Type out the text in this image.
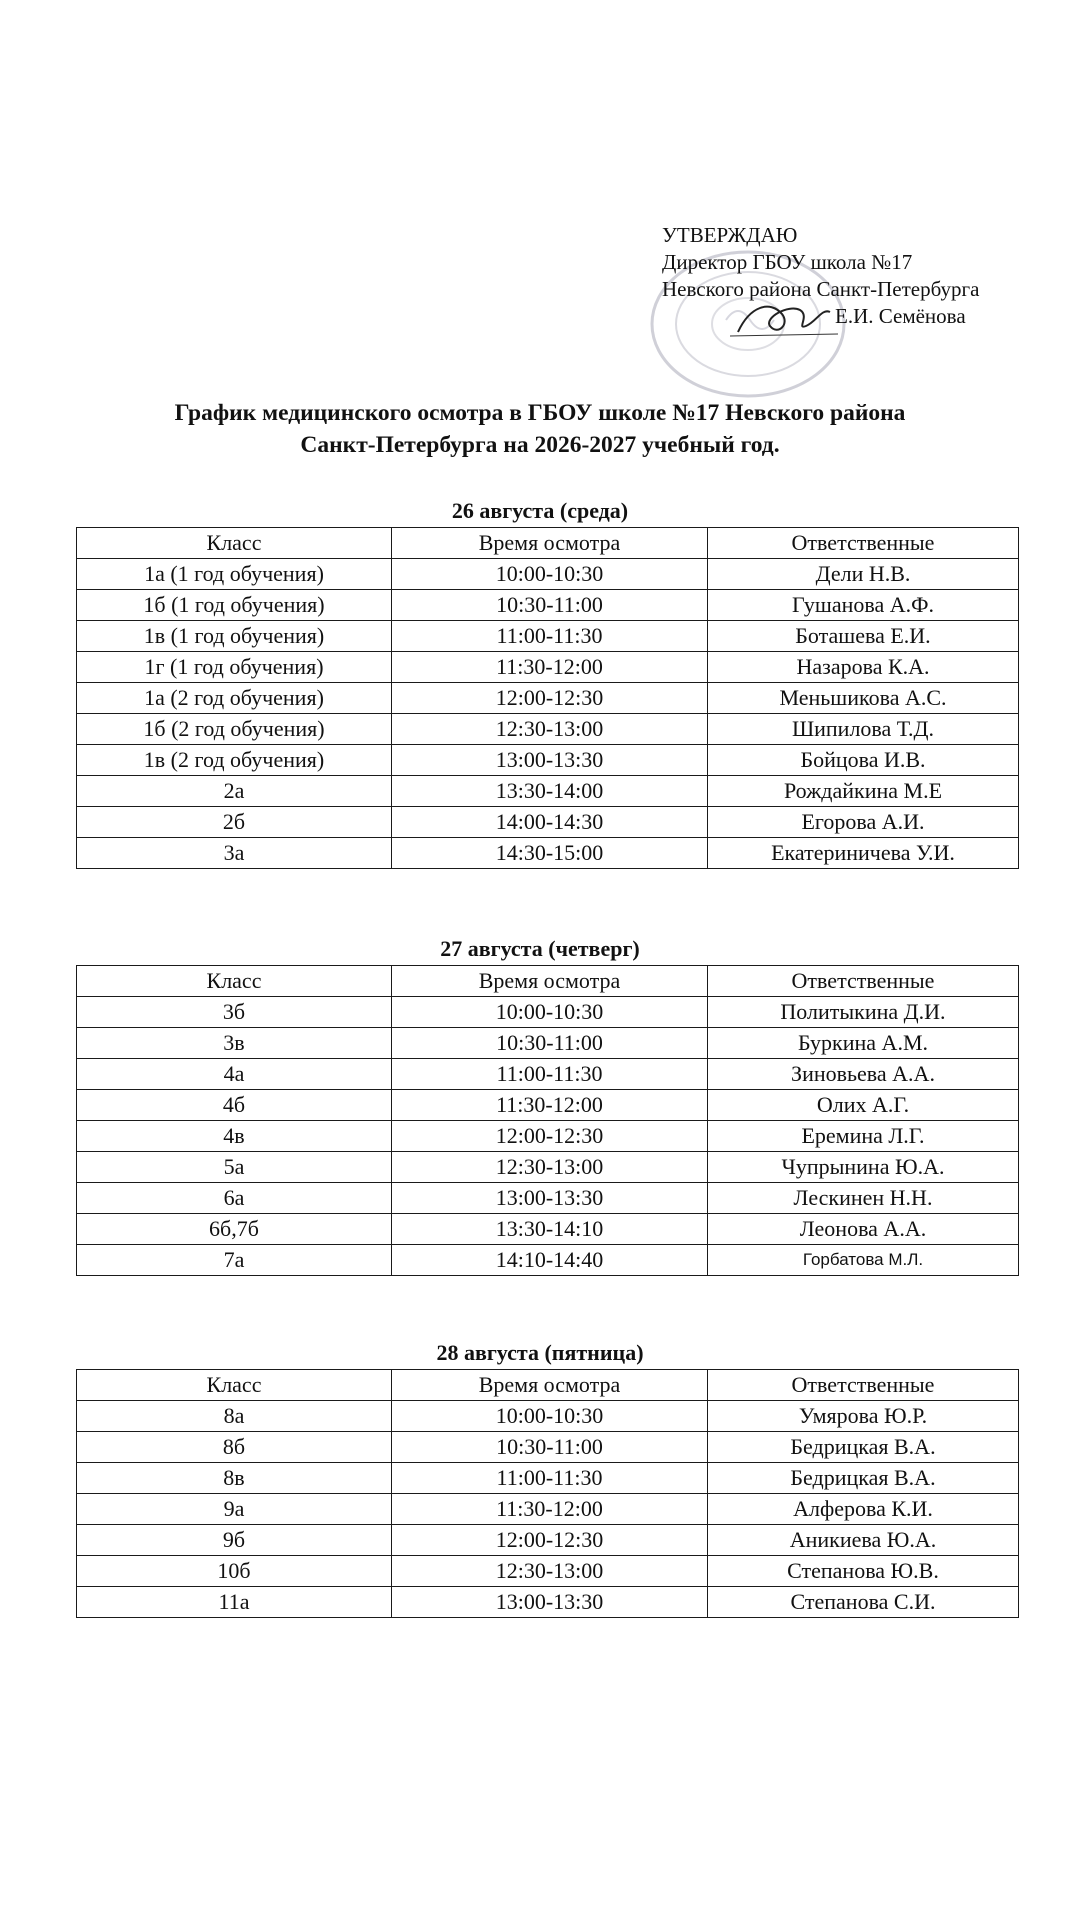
УТВЕРЖДАЮ
Директор ГБОУ школа №17
Невского района Санкт-Петербурга
Е.И. Семёнова
График медицинского осмотра в ГБОУ школе №17 Невского района
Санкт-Петербурга на 2026-2027 учебный год.
26 августа (среда)
Класс	Время осмотра	Ответственные
1а (1 год обучения)	10:00-10:30	Дели Н.В.
1б (1 год обучения)	10:30-11:00	Гушанова А.Ф.
1в (1 год обучения)	11:00-11:30	Боташева Е.И.
1г (1 год обучения)	11:30-12:00	Назарова К.А.
1а (2 год обучения)	12:00-12:30	Меньшикова А.С.
1б (2 год обучения)	12:30-13:00	Шипилова Т.Д.
1в (2 год обучения)	13:00-13:30	Бойцова И.В.
2а	13:30-14:00	Рождайкина М.Е
2б	14:00-14:30	Егорова А.И.
3а	14:30-15:00	Екатериничева У.И.
27 августа (четверг)
Класс	Время осмотра	Ответственные
3б	10:00-10:30	Политыкина Д.И.
3в	10:30-11:00	Буркина А.М.
4а	11:00-11:30	Зиновьева А.А.
4б	11:30-12:00	Олих А.Г.
4в	12:00-12:30	Еремина Л.Г.
5а	12:30-13:00	Чупрынина Ю.А.
6а	13:00-13:30	Лескинен Н.Н.
6б,7б	13:30-14:10	Леонова А.А.
7а	14:10-14:40	Горбатова М.Л.
28 августа (пятница)
Класс	Время осмотра	Ответственные
8а	10:00-10:30	Умярова Ю.Р.
8б	10:30-11:00	Бедрицкая В.А.
8в	11:00-11:30	Бедрицкая В.А.
9а	11:30-12:00	Алферова К.И.
9б	12:00-12:30	Аникиева Ю.А.
10б	12:30-13:00	Степанова Ю.В.
11а	13:00-13:30	Степанова С.И.
